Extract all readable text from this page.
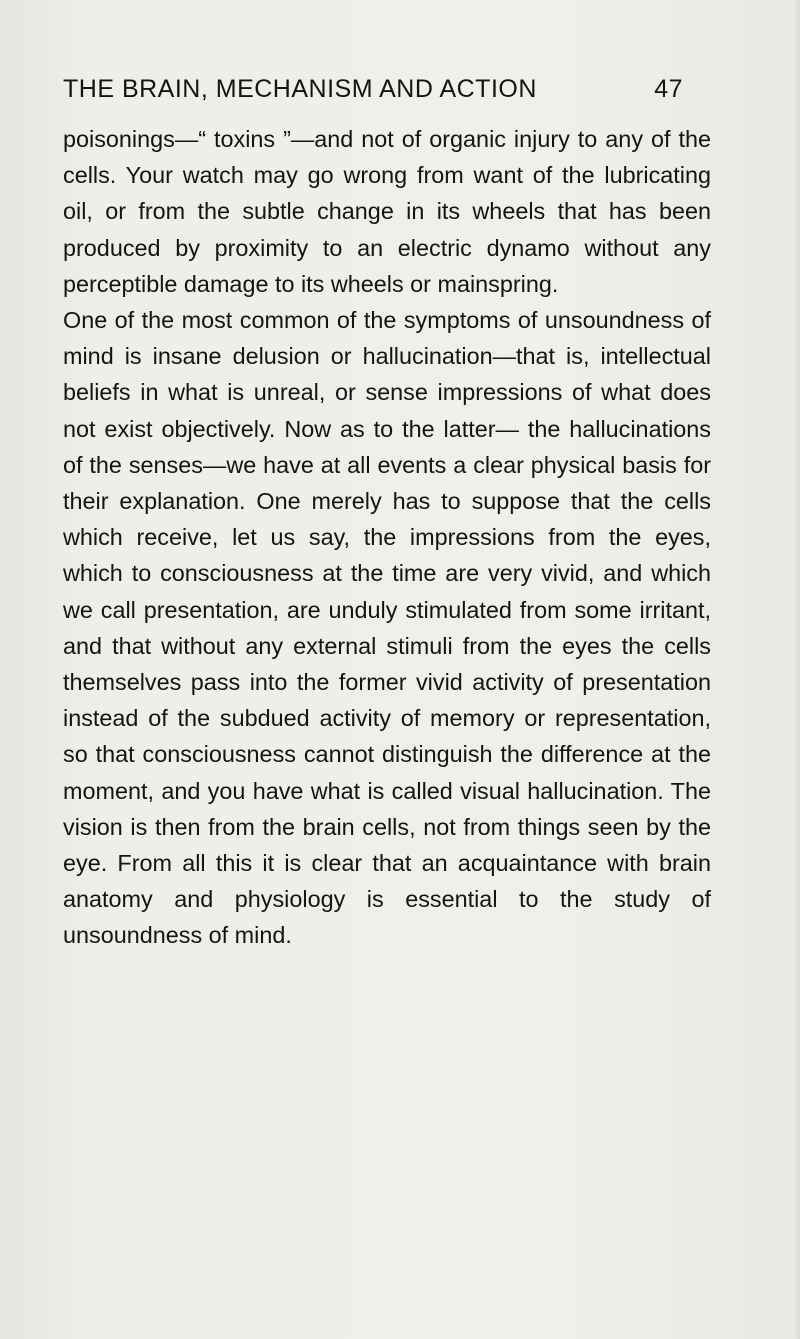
THE BRAIN, MECHANISM AND ACTION	47

poisonings—“ toxins ”—and not of organic injury to any of the cells. Your watch may go wrong from want of the lubricating oil, or from the subtle change in its wheels that has been produced by proximity to an electric dynamo without any perceptible damage to its wheels or mainspring.

One of the most common of the symptoms of unsoundness of mind is insane delusion or hallucination—that is, intellectual beliefs in what is unreal, or sense impressions of what does not exist objectively. Now as to the latter— the hallucinations of the senses—we have at all events a clear physical basis for their explanation. One merely has to suppose that the cells which receive, let us say, the impressions from the eyes, which to consciousness at the time are very vivid, and which we call presentation, are unduly stimulated from some irritant, and that without any external stimuli from the eyes the cells themselves pass into the former vivid activity of presentation instead of the subdued activity of memory or representation, so that consciousness cannot distinguish the difference at the moment, and you have what is called visual hallucination. The vision is then from the brain cells, not from things seen by the eye. From all this it is clear that an acquaintance with brain anatomy and physiology is essential to the study of unsoundness of mind.
